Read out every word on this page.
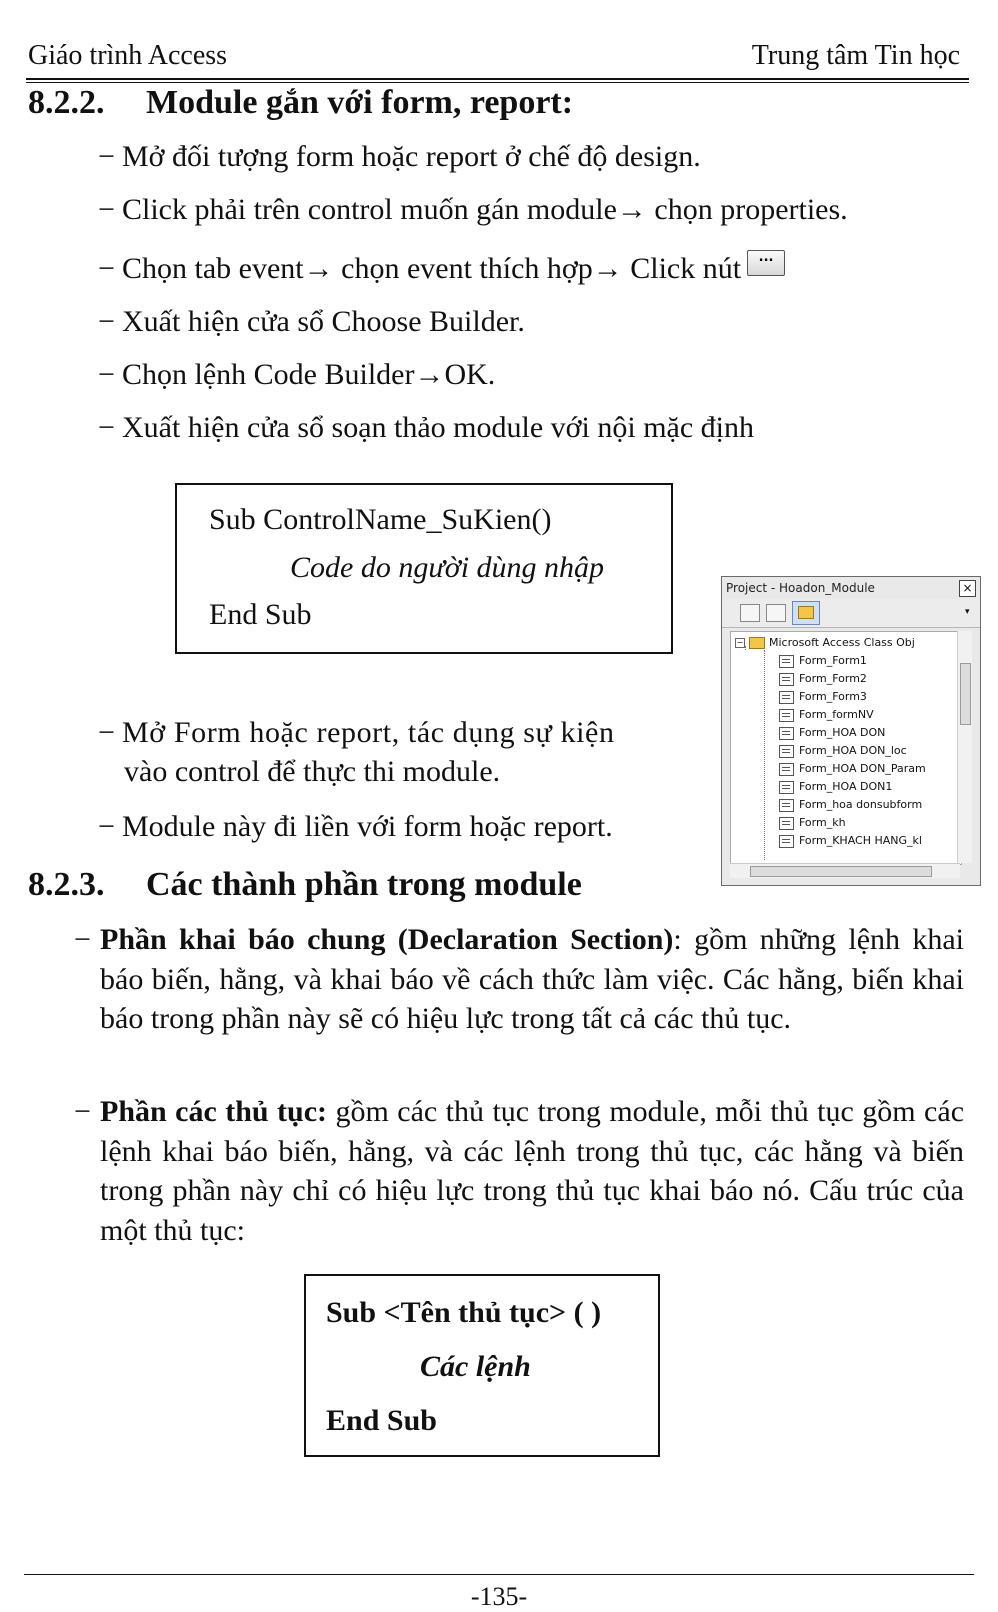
Giáo trình Access	Trung tâm Tin học
8.2.2. Module gắn với form, report:
− Mở đối tượng form hoặc report ở chế độ design.
− Click phải trên control muốn gán module→ chọn properties.
− Chọn tab event→ chọn event thích hợp→ Click nút ...
− Xuất hiện cửa sổ Choose Builder.
− Chọn lệnh Code Builder→OK.
− Xuất hiện cửa sổ soạn thảo module với nội mặc định
Sub ControlName_SuKien()
Code do người dùng nhập
End Sub
Project - Hoadon_Module	×
▾
− Microsoft Access Class Obj
Form_Form1
Form_Form2
Form_Form3
Form_formNV
Form_HOA DON
Form_HOA DON_loc
Form_HOA DON_Param
Form_HOA DON1
Form_hoa donsubform
Form_kh
Form_KHACH HANG_kl
− Mở Form hoặc report, tác dụng sự kiện
vào control để thực thi module.
− Module này đi liền với form hoặc report.
8.2.3. Các thành phần trong module
− Phần khai báo chung (Declaration Section): gồm những lệnh khai báo biến, hằng, và khai báo về cách thức làm việc. Các hằng, biến khai báo trong phần này sẽ có hiệu lực trong tất cả các thủ tục.
− Phần các thủ tục: gồm các thủ tục trong module, mỗi thủ tục gồm các lệnh khai báo biến, hằng, và các lệnh trong thủ tục, các hằng và biến trong phần này chỉ có hiệu lực trong thủ tục khai báo nó. Cấu trúc của một thủ tục:
Sub <Tên thủ tục> ( )
Các lệnh
End Sub
-135-
